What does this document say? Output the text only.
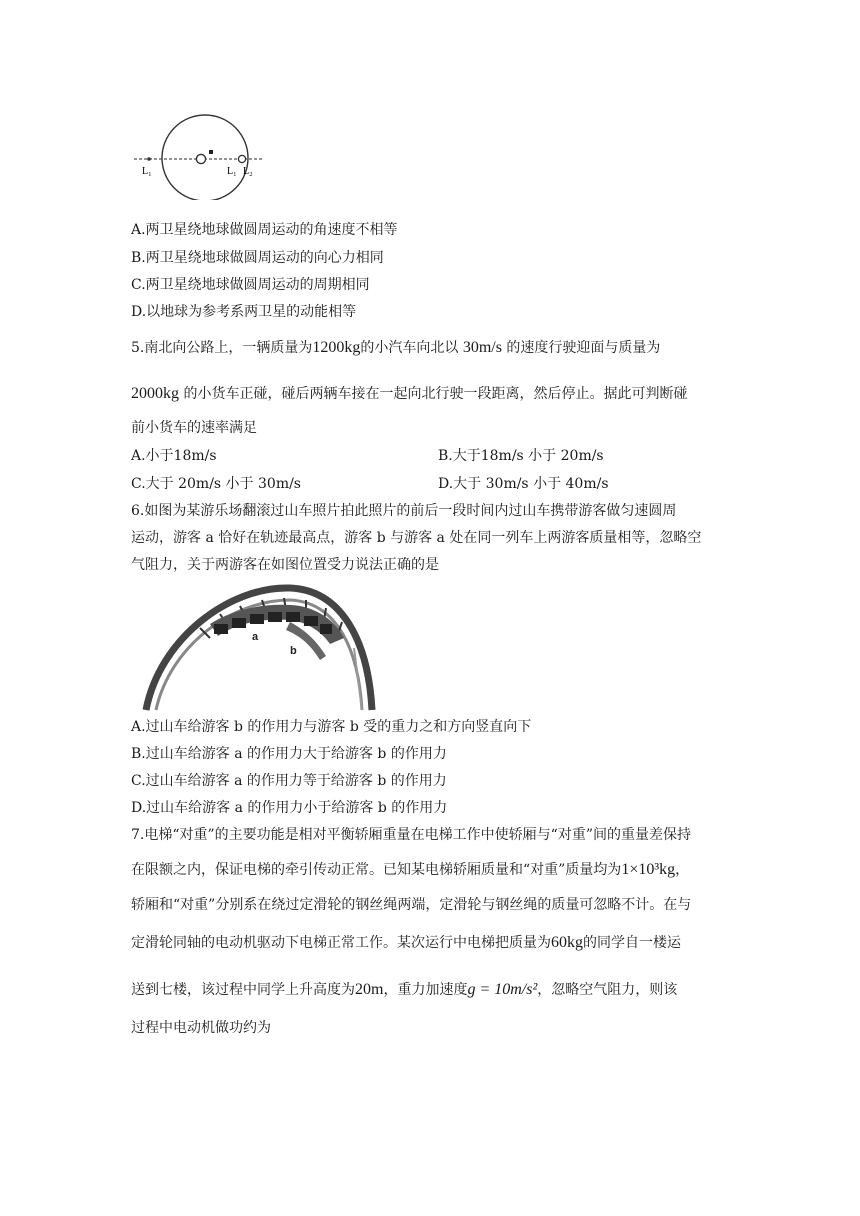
L₁	L₁ L₂
A.两卫星绕地球做圆周运动的角速度不相等
B.两卫星绕地球做圆周运动的向心力相同
C.两卫星绕地球做圆周运动的周期相同
D.以地球为参考系两卫星的动能相等
5.南北向公路上，一辆质量为1200kg的小汽车向北以 30m/s 的速度行驶迎面与质量为
2000kg 的小货车正碰，碰后两辆车接在一起向北行驶一段距离，然后停止。据此可判断碰
前小货车的速率满足
A.小于18m/s	B.大于18m/s 小于 20m/s
C.大于 20m/s 小于 30m/s	D.大于 30m/s 小于 40m/s
6.如图为某游乐场翻滚过山车照片拍此照片的前后一段时间内过山车携带游客做匀速圆周
运动，游客 a 恰好在轨迹最高点，游客 b 与游客 a 处在同一列车上两游客质量相等，忽略空
气阻力，关于两游客在如图位置受力说法正确的是
a
b
A.过山车给游客 b 的作用力与游客 b 受的重力之和方向竖直向下
B.过山车给游客 a 的作用力大于给游客 b 的作用力
C.过山车给游客 a 的作用力等于给游客 b 的作用力
D.过山车给游客 a 的作用力小于给游客 b 的作用力
7.电梯“对重”的主要功能是相对平衡轿厢重量在电梯工作中使轿厢与“对重”间的重量差保持
在限额之内，保证电梯的牵引传动正常。已知某电梯轿厢质量和“对重”质量均为1×10³kg，
轿厢和“对重”分别系在绕过定滑轮的钢丝绳两端，定滑轮与钢丝绳的质量可忽略不计。在与
定滑轮同轴的电动机驱动下电梯正常工作。某次运行中电梯把质量为60kg的同学自一楼运
送到七楼，该过程中同学上升高度为20m，重力加速度g = 10m/s²，忽略空气阻力，则该
过程中电动机做功约为
